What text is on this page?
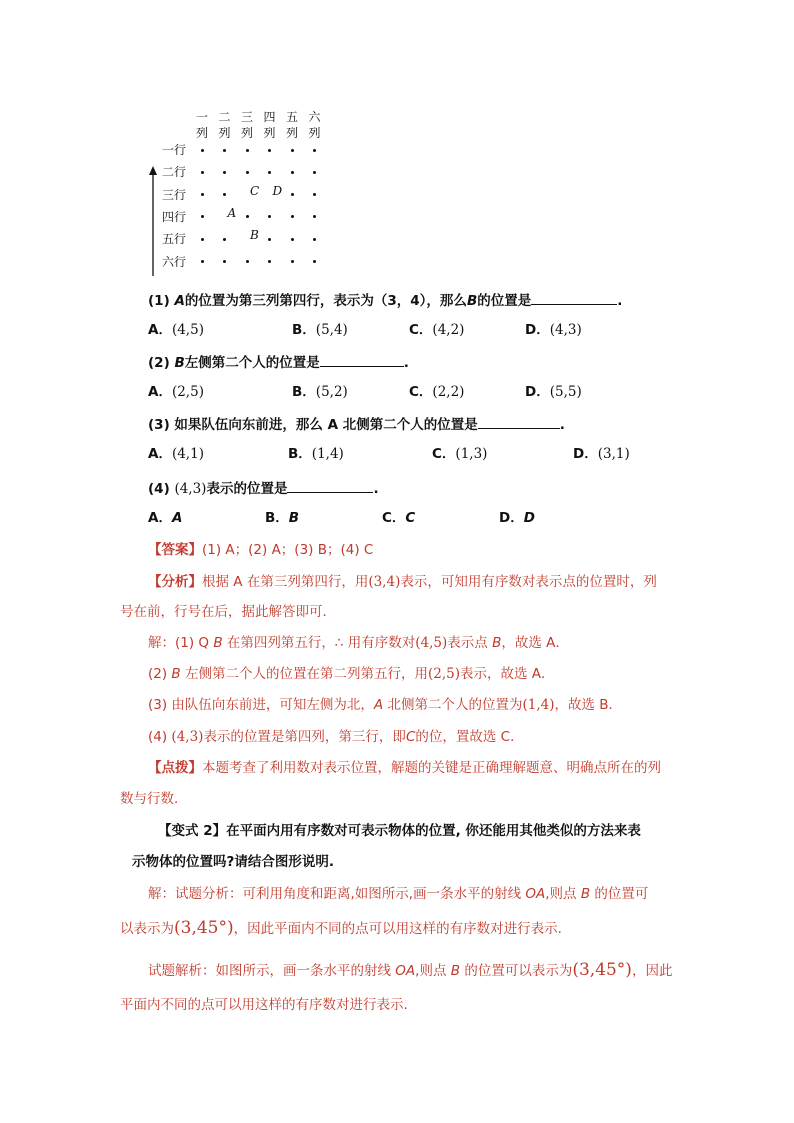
一
列
二
列
三
列
四
列
五
列
六
列
一行
二行
三行
四行
五行
六行
C D
A
B
(1) A的位置为第三列第四行，表示为（3，4），那么B的位置是	.
A．(4,5)	B．(5,4)	C．(4,2)	D．(4,3)
(2) B左侧第二个人的位置是	.
A．(2,5)	B．(5,2)	C．(2,2)	D．(5,5)
(3) 如果队伍向东前进，那么 A 北侧第二个人的位置是	.
A．(4,1)	B．(1,4)	C．(1,3)	D．(3,1)
(4) (4,3)表示的位置是	.
A．A	B．B	C．C	D．D
【答案】(1) A；(2) A；(3) B；(4) C
【分析】根据 A 在第三列第四行，用(3,4)表示，可知用有序数对表示点的位置时，列
号在前，行号在后，据此解答即可．
解：(1) Q B 在第四列第五行，∴ 用有序数对(4,5)表示点 B，故选 A．
(2) B 左侧第二个人的位置在第二列第五行，用(2,5)表示，故选 A．
(3) 由队伍向东前进，可知左侧为北，A 北侧第二个人的位置为(1,4)，故选 B．
(4) (4,3)表示的位置是第四列，第三行，即C的位，置故选 C．
【点拨】本题考查了利用数对表示位置，解题的关键是正确理解题意、明确点所在的列
数与行数．
【变式 2】在平面内用有序数对可表示物体的位置, 你还能用其他类似的方法来表
示物体的位置吗?请结合图形说明.
解：试题分析：可利用角度和距离,如图所示,画一条水平的射线 OA,则点 B 的位置可
以表示为(3,45°)，因此平面内不同的点可以用这样的有序数对进行表示.
试题解析：如图所示，画一条水平的射线 OA,则点 B 的位置可以表示为(3,45°)，因此
平面内不同的点可以用这样的有序数对进行表示.
